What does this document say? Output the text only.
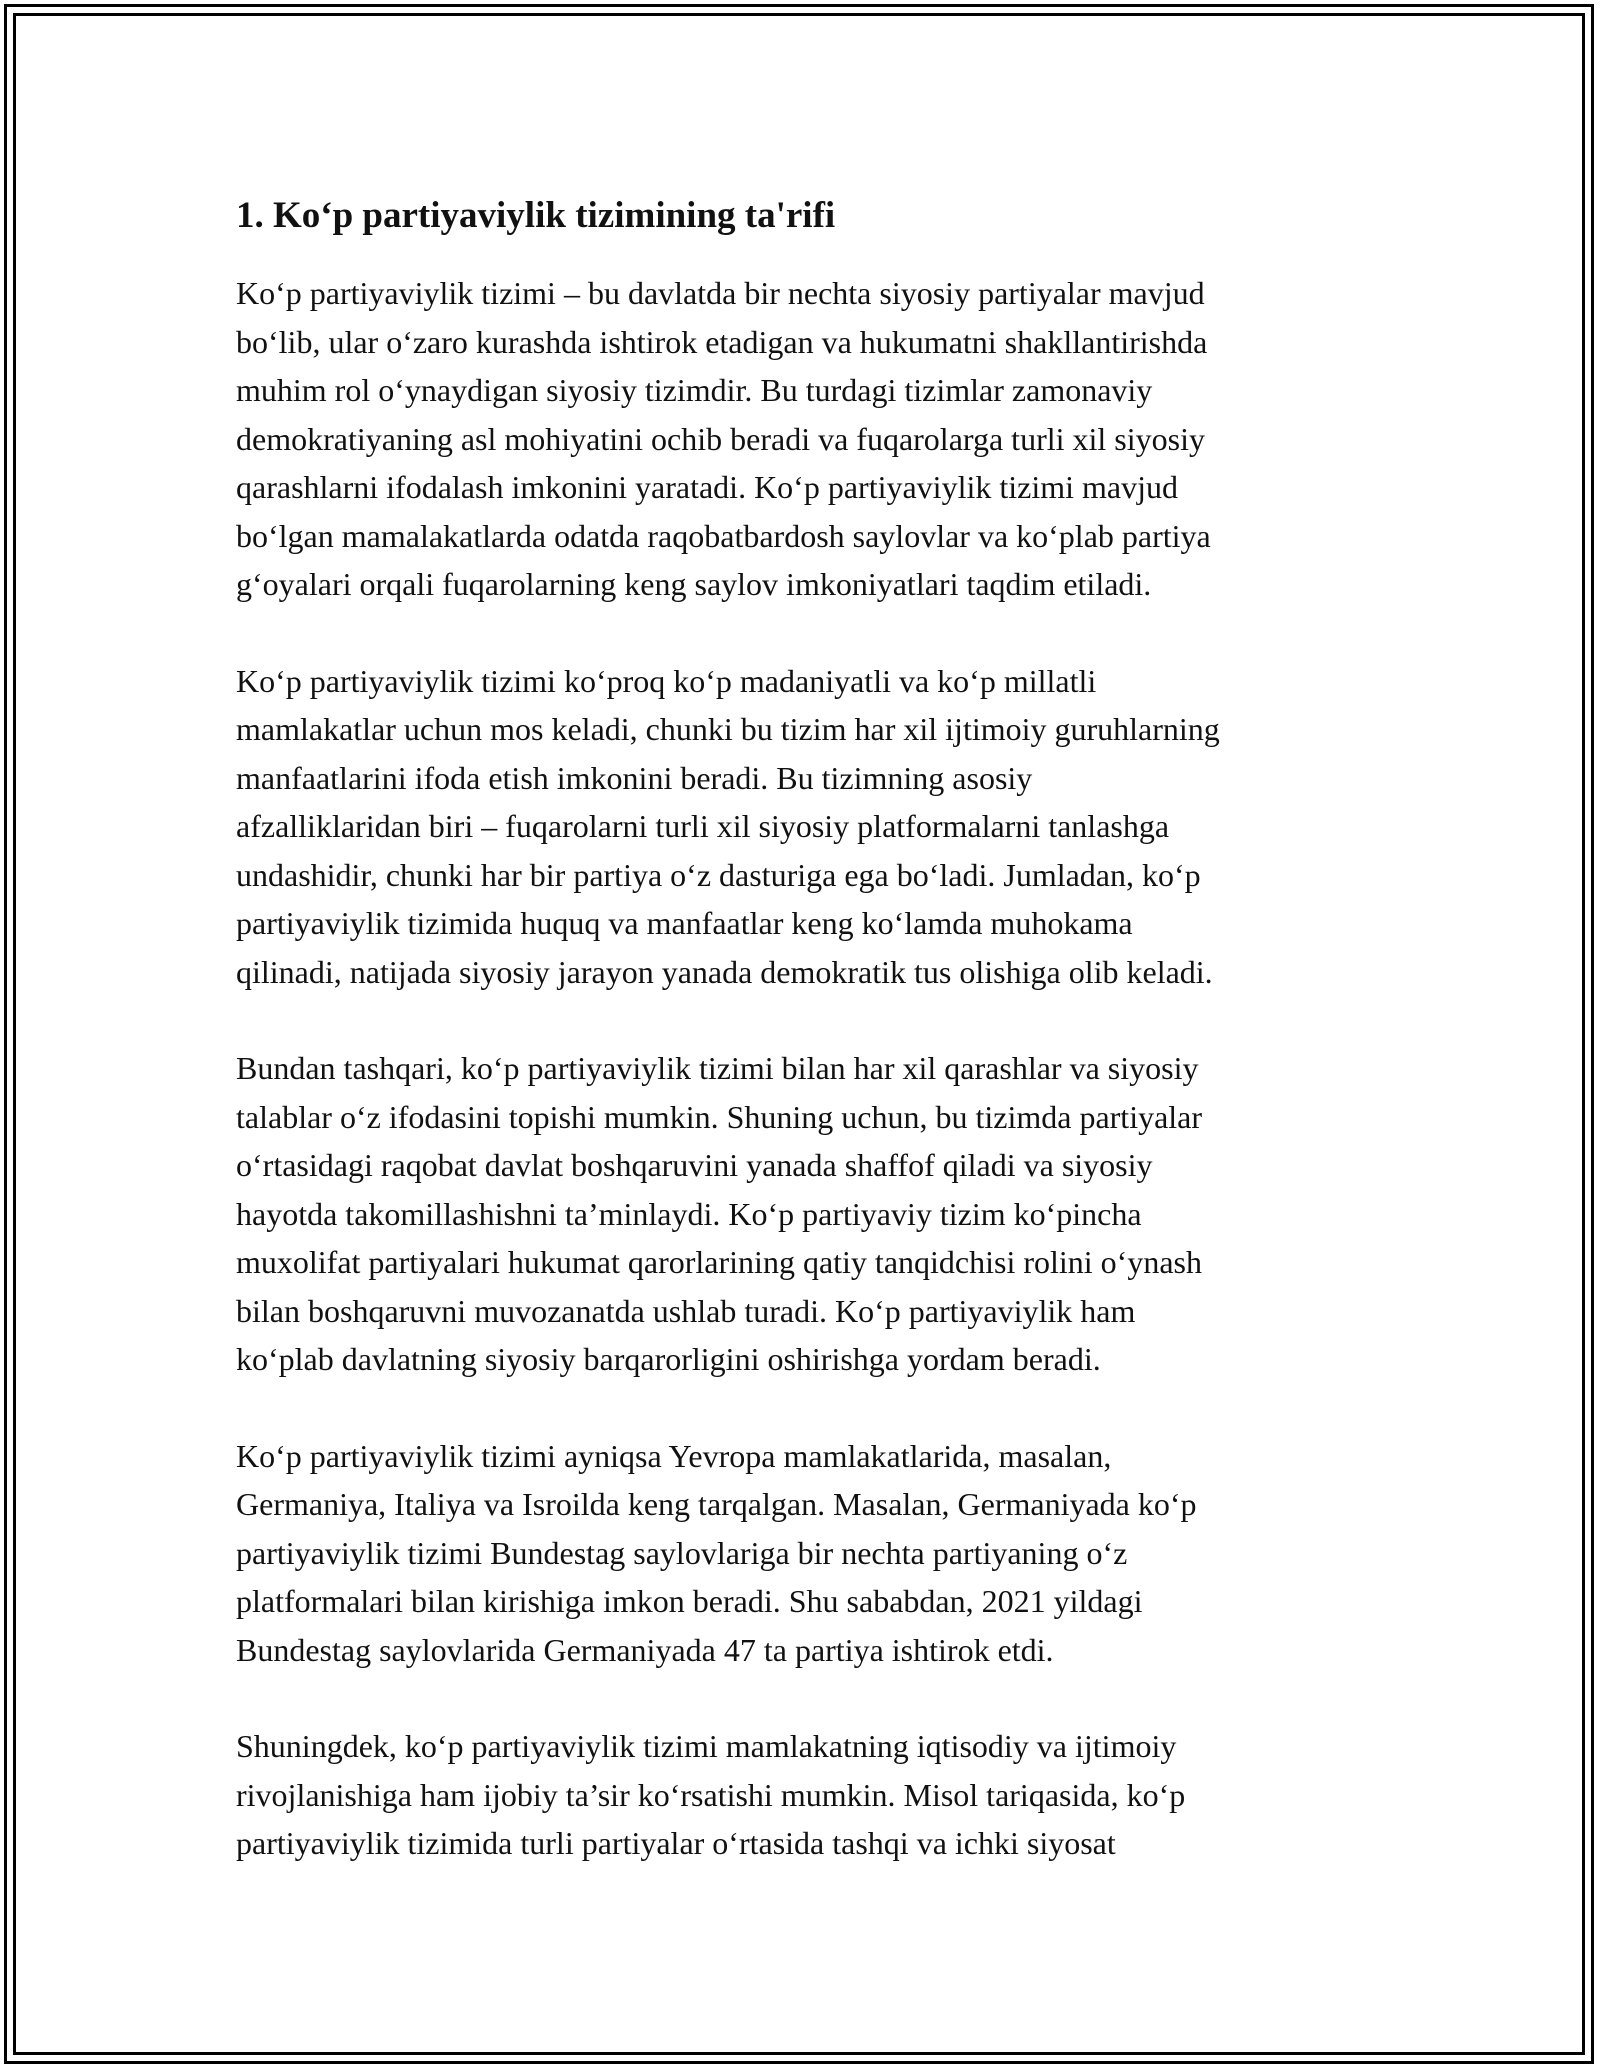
1. Ko‘p partiyaviylik tizimining ta'rifi
Ko‘p partiyaviylik tizimi – bu davlatda bir nechta siyosiy partiyalar mavjud
bo‘lib, ular o‘zaro kurashda ishtirok etadigan va hukumatni shakllantirishda
muhim rol o‘ynaydigan siyosiy tizimdir. Bu turdagi tizimlar zamonaviy
demokratiyaning asl mohiyatini ochib beradi va fuqarolarga turli xil siyosiy
qarashlarni ifodalash imkonini yaratadi. Ko‘p partiyaviylik tizimi mavjud
bo‘lgan mamalakatlarda odatda raqobatbardosh saylovlar va ko‘plab partiya
g‘oyalari orqali fuqarolarning keng saylov imkoniyatlari taqdim etiladi.
Ko‘p partiyaviylik tizimi ko‘proq ko‘p madaniyatli va ko‘p millatli
mamlakatlar uchun mos keladi, chunki bu tizim har xil ijtimoiy guruhlarning
manfaatlarini ifoda etish imkonini beradi. Bu tizimning asosiy
afzalliklaridan biri – fuqarolarni turli xil siyosiy platformalarni tanlashga
undashidir, chunki har bir partiya o‘z dasturiga ega bo‘ladi. Jumladan, ko‘p
partiyaviylik tizimida huquq va manfaatlar keng ko‘lamda muhokama
qilinadi, natijada siyosiy jarayon yanada demokratik tus olishiga olib keladi.
Bundan tashqari, ko‘p partiyaviylik tizimi bilan har xil qarashlar va siyosiy
talablar o‘z ifodasini topishi mumkin. Shuning uchun, bu tizimda partiyalar
o‘rtasidagi raqobat davlat boshqaruvini yanada shaffof qiladi va siyosiy
hayotda takomillashishni ta’minlaydi. Ko‘p partiyaviy tizim ko‘pincha
muxolifat partiyalari hukumat qarorlarining qatiy tanqidchisi rolini o‘ynash
bilan boshqaruvni muvozanatda ushlab turadi. Ko‘p partiyaviylik ham
ko‘plab davlatning siyosiy barqarorligini oshirishga yordam beradi.
Ko‘p partiyaviylik tizimi ayniqsa Yevropa mamlakatlarida, masalan,
Germaniya, Italiya va Isroilda keng tarqalgan. Masalan, Germaniyada ko‘p
partiyaviylik tizimi Bundestag saylovlariga bir nechta partiyaning o‘z
platformalari bilan kirishiga imkon beradi. Shu sababdan, 2021 yildagi
Bundestag saylovlarida Germaniyada 47 ta partiya ishtirok etdi.
Shuningdek, ko‘p partiyaviylik tizimi mamlakatning iqtisodiy va ijtimoiy
rivojlanishiga ham ijobiy ta’sir ko‘rsatishi mumkin. Misol tariqasida, ko‘p
partiyaviylik tizimida turli partiyalar o‘rtasida tashqi va ichki siyosat
